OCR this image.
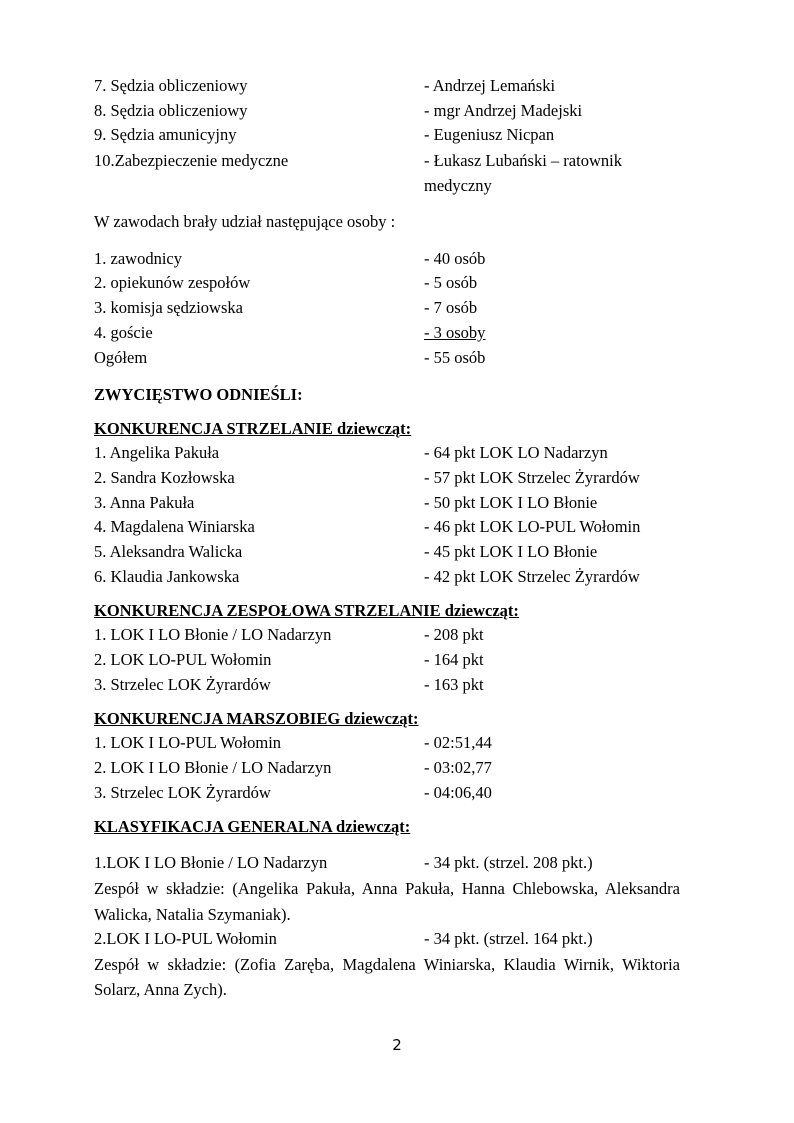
7. Sędzia obliczeniowy	- Andrzej Lemański
8. Sędzia obliczeniowy	- mgr Andrzej Madejski
9. Sędzia amunicyjny	- Eugeniusz Nicpan
10.Zabezpieczenie medyczne	- Łukasz Lubański – ratownik medyczny
W zawodach brały udział następujące osoby :
1. zawodnicy	- 40 osób
2. opiekunów zespołów	- 5 osób
3. komisja sędziowska	- 7 osób
4. goście	- 3 osoby
Ogółem	- 55 osób
ZWYCIĘSTWO ODNIEŚLI:
KONKURENCJA STRZELANIE dziewcząt:
1. Angelika Pakuła	- 64 pkt LOK LO Nadarzyn
2. Sandra Kozłowska	- 57 pkt LOK Strzelec Żyrardów
3. Anna Pakuła	- 50 pkt LOK I LO Błonie
4. Magdalena Winiarska	- 46 pkt LOK LO-PUL Wołomin
5. Aleksandra Walicka	- 45 pkt LOK I LO Błonie
6. Klaudia Jankowska	- 42 pkt LOK Strzelec Żyrardów
KONKURENCJA ZESPOŁOWA STRZELANIE dziewcząt:
1. LOK I LO Błonie / LO Nadarzyn	- 208 pkt
2. LOK LO-PUL Wołomin	- 164 pkt
3. Strzelec LOK Żyrardów	- 163 pkt
KONKURENCJA MARSZOBIEG dziewcząt:
1. LOK I LO-PUL Wołomin	- 02:51,44
2. LOK I LO Błonie / LO Nadarzyn	- 03:02,77
3. Strzelec LOK Żyrardów	- 04:06,40
KLASYFIKACJA GENERALNA dziewcząt:
1.LOK I LO Błonie / LO Nadarzyn	- 34 pkt. (strzel. 208 pkt.)
Zespół w składzie: (Angelika Pakuła, Anna Pakuła, Hanna Chlebowska, Aleksandra Walicka, Natalia Szymaniak).
2.LOK I LO-PUL Wołomin	- 34 pkt. (strzel. 164 pkt.)
Zespół w składzie: (Zofia Zaręba, Magdalena Winiarska, Klaudia Wirnik, Wiktoria Solarz, Anna Zych).
2
